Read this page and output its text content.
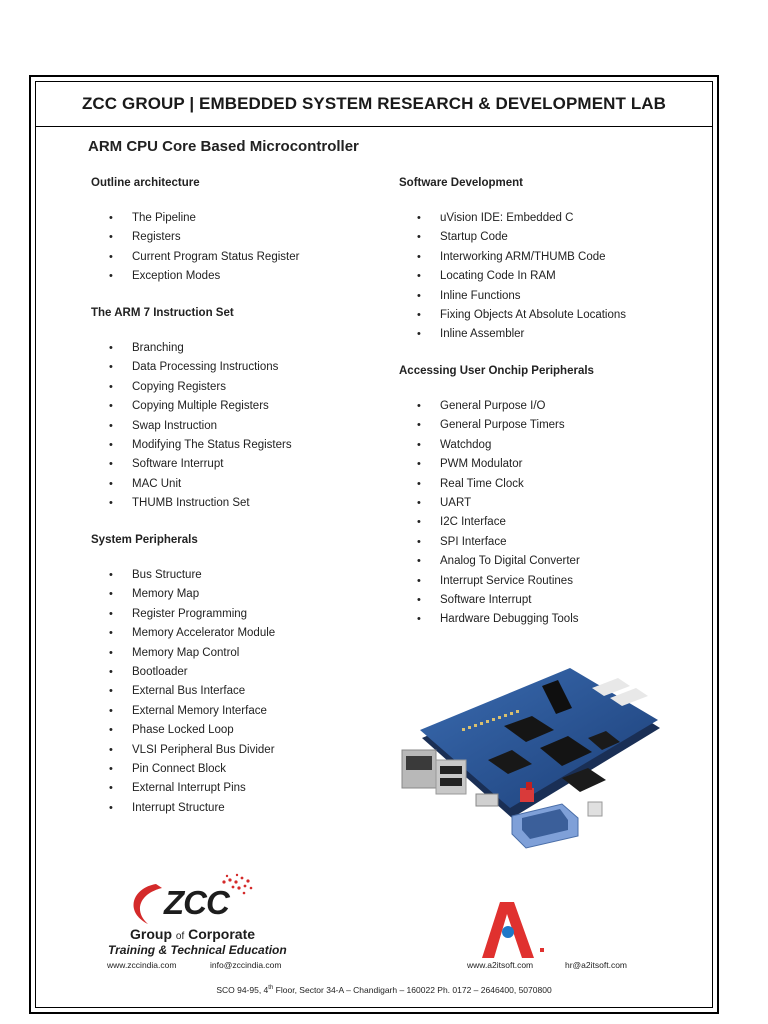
ZCC GROUP | EMBEDDED SYSTEM RESEARCH & DEVELOPMENT LAB
ARM CPU Core Based Microcontroller
Outline architecture
• The Pipeline
• Registers
• Current Program Status Register
• Exception Modes
The ARM 7 Instruction Set
• Branching
• Data Processing Instructions
• Copying Registers
• Copying Multiple Registers
• Swap Instruction
• Modifying The Status Registers
• Software Interrupt
• MAC Unit
• THUMB Instruction Set
System Peripherals
• Bus Structure
• Memory Map
• Register Programming
• Memory Accelerator Module
• Memory Map Control
• Bootloader
• External Bus Interface
• External Memory Interface
• Phase Locked Loop
• VLSI Peripheral Bus Divider
• Pin Connect Block
• External Interrupt Pins
• Interrupt Structure
Software Development
• uVision IDE: Embedded C
• Startup Code
• Interworking ARM/THUMB Code
• Locating Code In RAM
• Inline Functions
• Fixing Objects At Absolute Locations
• Inline Assembler
Accessing User Onchip Peripherals
• General Purpose I/O
• General Purpose Timers
• Watchdog
• PWM Modulator
• Real Time Clock
• UART
• I2C Interface
• SPI Interface
• Analog To Digital Converter
• Interrupt Service Routines
• Software Interrupt
• Hardware Debugging Tools
ZCC
Group of Corporate
Training & Technical Education
www.zccindia.com	info@zccindia.com	www.a2itsoft.com	hr@a2itsoft.com
SCO 94-95, 4th Floor, Sector 34-A – Chandigarh – 160022 Ph. 0172 – 2646400, 5070800
